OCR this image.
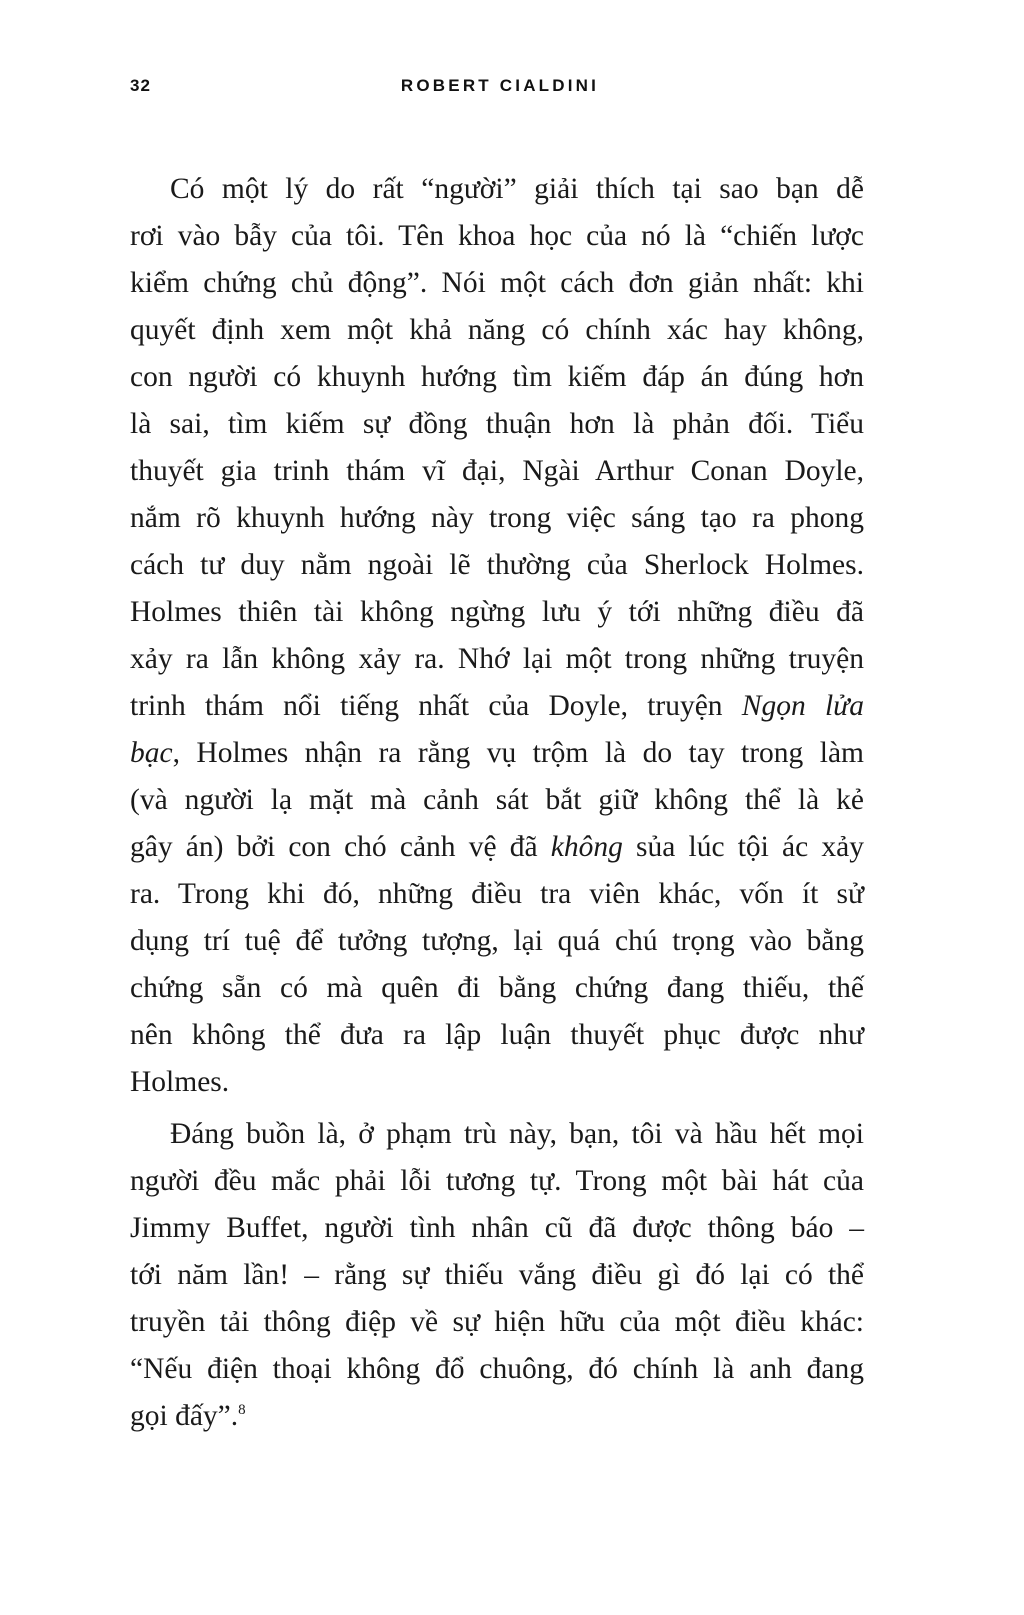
32	ROBERT CIALDINI
Có một lý do rất “người” giải thích tại sao bạn dễ
rơi vào bẫy của tôi. Tên khoa học của nó là “chiến lược
kiểm chứng chủ động”. Nói một cách đơn giản nhất: khi
quyết định xem một khả năng có chính xác hay không,
con người có khuynh hướng tìm kiếm đáp án đúng hơn
là sai, tìm kiếm sự đồng thuận hơn là phản đối. Tiểu
thuyết gia trinh thám vĩ đại, Ngài Arthur Conan Doyle,
nắm rõ khuynh hướng này trong việc sáng tạo ra phong
cách tư duy nằm ngoài lẽ thường của Sherlock Holmes.
Holmes thiên tài không ngừng lưu ý tới những điều đã
xảy ra lẫn không xảy ra. Nhớ lại một trong những truyện
trinh thám nổi tiếng nhất của Doyle, truyện Ngọn lửa
bạc, Holmes nhận ra rằng vụ trộm là do tay trong làm
(và người lạ mặt mà cảnh sát bắt giữ không thể là kẻ
gây án) bởi con chó cảnh vệ đã không sủa lúc tội ác xảy
ra. Trong khi đó, những điều tra viên khác, vốn ít sử
dụng trí tuệ để tưởng tượng, lại quá chú trọng vào bằng
chứng sẵn có mà quên đi bằng chứng đang thiếu, thế
nên không thể đưa ra lập luận thuyết phục được như
Holmes.
Đáng buồn là, ở phạm trù này, bạn, tôi và hầu hết mọi
người đều mắc phải lỗi tương tự. Trong một bài hát của
Jimmy Buffet, người tình nhân cũ đã được thông báo –
tới năm lần! – rằng sự thiếu vắng điều gì đó lại có thể
truyền tải thông điệp về sự hiện hữu của một điều khác:
“Nếu điện thoại không đổ chuông, đó chính là anh đang
gọi đấy”.$^8$
